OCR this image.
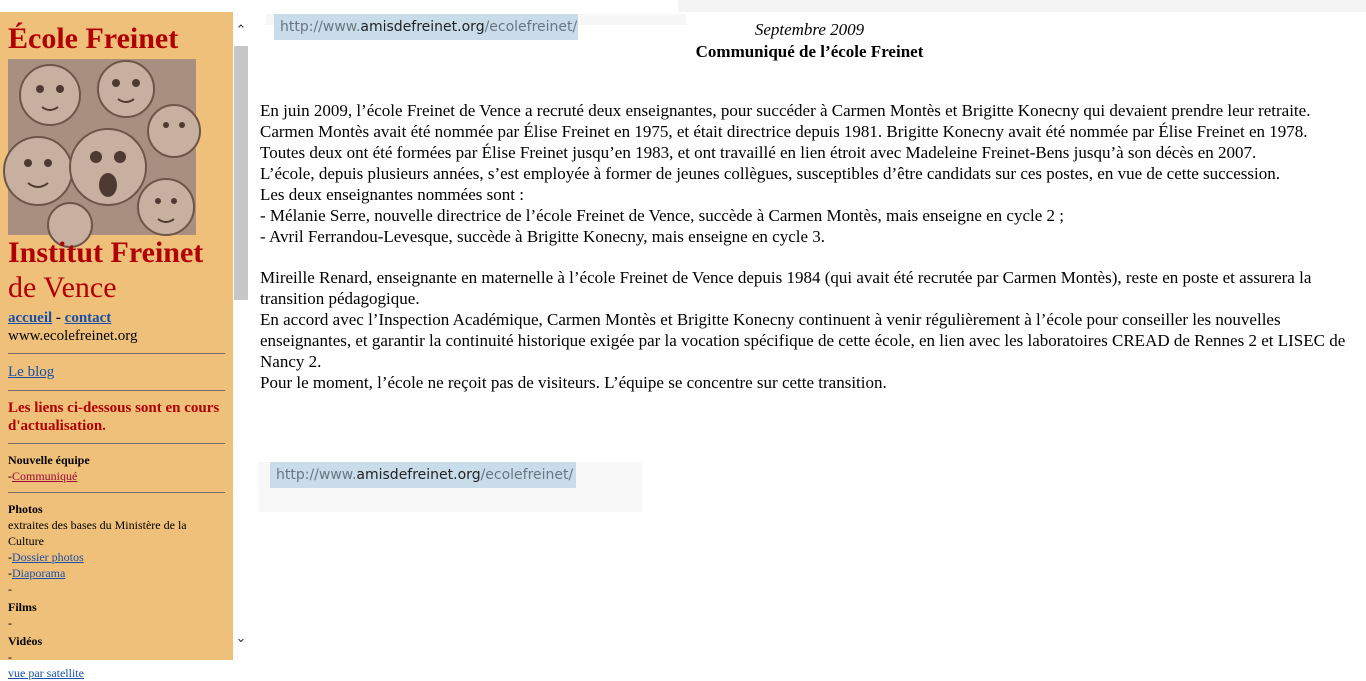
École Freinet
Institut Freinet
de Vence
accueil - contact
www.ecolefreinet.org
Le blog

Les liens ci-dessous sont en cours d'actualisation.

Nouvelle équipe
-Communiqué
Photos
extraites des bases du Ministère de la Culture
-Dossier photos
-Diaporama
-
Films
-
Vidéos
-
vue par satellite
⌃
⌄
http://www.amisdefreinet.org/ecolefreinet/	Septembre 2009
Communiqué de l’école Freinet

En juin 2009, l’école Freinet de Vence a recruté deux enseignantes, pour succéder à Carmen Montès et Brigitte Konecny qui devaient prendre leur retraite.

Carmen Montès avait été nommée par Élise Freinet en 1975, et était directrice depuis 1981. Brigitte Konecny avait été nommée par Élise Freinet en 1978. Toutes deux ont été formées par Élise Freinet jusqu’en 1983, et ont travaillé en lien étroit avec Madeleine Freinet-Bens jusqu’à son décès en 2007.

L’école, depuis plusieurs années, s’est employée à former de jeunes collègues, susceptibles d’être candidats sur ces postes, en vue de cette succession.

Les deux enseignantes nommées sont :

- Mélanie Serre, nouvelle directrice de l’école Freinet de Vence, succède à Carmen Montès, mais enseigne en cycle 2 ;

- Avril Ferrandou-Levesque, succède à Brigitte Konecny, mais enseigne en cycle 3.

Mireille Renard, enseignante en maternelle à l’école Freinet de Vence depuis 1984 (qui avait été recrutée par Carmen Montès), reste en poste et assurera la transition pédagogique.

En accord avec l’Inspection Académique, Carmen Montès et Brigitte Konecny continuent à venir régulièrement à l’école pour conseiller les nouvelles enseignantes, et garantir la continuité historique exigée par la vocation spécifique de cette école, en lien avec les laboratoires CREAD de Rennes 2 et LISEC de Nancy 2.

Pour le moment, l’école ne reçoit pas de visiteurs. L’équipe se concentre sur cette transition.

http://www.amisdefreinet.org/ecolefreinet/
